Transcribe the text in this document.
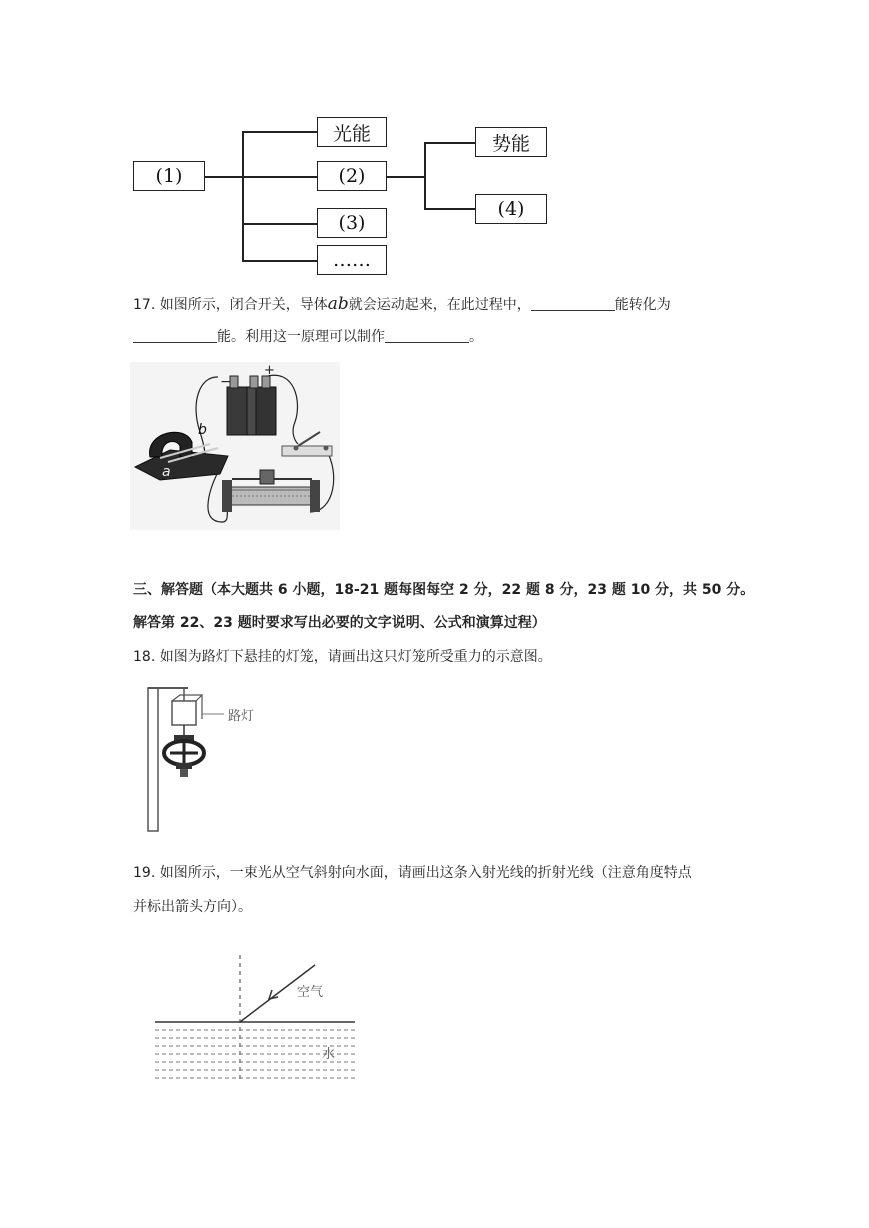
(1)
光能
(2)
(3)
……
势能
(4)
17. 如图所示，闭合开关，导体ab就会运动起来，在此过程中，	能转化为
能。利用这一原理可以制作	。
−
+
b
a
三、解答题（本大题共 6 小题，18-21 题每图每空 2 分，22 题 8 分，23 题 10 分，共 50 分。
解答第 22、23 题时要求写出必要的文字说明、公式和演算过程）
18. 如图为路灯下悬挂的灯笼，请画出这只灯笼所受重力的示意图。
路灯
19. 如图所示，一束光从空气斜射向水面，请画出这条入射光线的折射光线（注意角度特点
并标出箭头方向）。
空气
水
